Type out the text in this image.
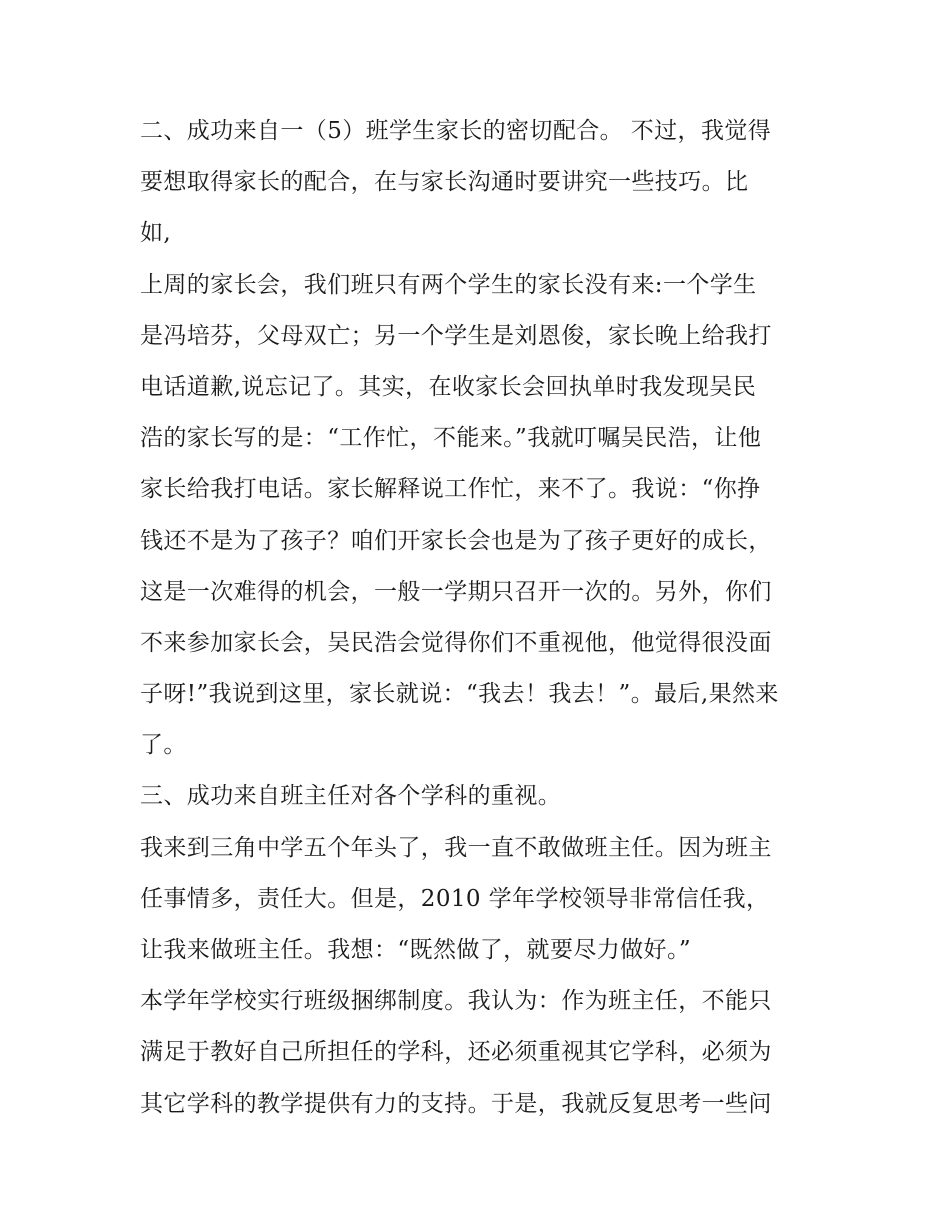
二、成功来自一（5）班学生家长的密切配合。 不过，我觉得
要想取得家长的配合，在与家长沟通时要讲究一些技巧。比
如,
上周的家长会，我们班只有两个学生的家长没有来:一个学生
是冯培芬，父母双亡；另一个学生是刘恩俊，家长晚上给我打
电话道歉,说忘记了。其实，在收家长会回执单时我发现吴民
浩的家长写的是：“工作忙，不能来。”我就叮嘱吴民浩，让他
家长给我打电话。家长解释说工作忙，来不了。我说：“你挣
钱还不是为了孩子？咱们开家长会也是为了孩子更好的成长，
这是一次难得的机会，一般一学期只召开一次的。另外，你们
不来参加家长会，吴民浩会觉得你们不重视他，他觉得很没面
子呀!”我说到这里，家长就说：“我去！我去！”。最后,果然来
了。
三、成功来自班主任对各个学科的重视。
我来到三角中学五个年头了，我一直不敢做班主任。因为班主
任事情多，责任大。但是，2010 学年学校领导非常信任我，
让我来做班主任。我想：“既然做了，就要尽力做好。”
本学年学校实行班级捆绑制度。我认为：作为班主任，不能只
满足于教好自己所担任的学科，还必须重视其它学科，必须为
其它学科的教学提供有力的支持。于是，我就反复思考一些问
